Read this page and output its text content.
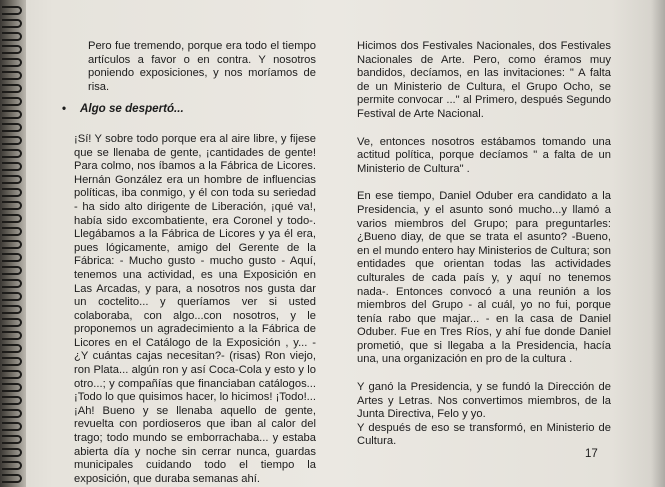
Pero fue tremendo, porque era todo el tiempo artículos a favor o en contra. Y nosotros poniendo exposiciones, y nos moríamos de risa.

• Algo se despertó...

¡Sí! Y sobre todo porque era al aire libre, y fijese que se llenaba de gente, ¡cantidades de gente! Para colmo, nos íbamos a la Fábrica de Licores. Hernán González era un hombre de influencias políticas, iba conmigo, y él con toda su seriedad - ha sido alto dirigente de Liberación, ¡qué va!, había sido excombatiente, era Coronel y todo-. Llegábamos a la Fábrica de Licores y ya él era, pues lógicamente, amigo del Gerente de la Fábrica: - Mucho gusto - mucho gusto - Aquí, tenemos una actividad, es una Exposición en Las Arcadas, y para, a nosotros nos gusta dar un coctelito... y queríamos ver si usted colaboraba, con algo...con nosotros, y le proponemos un agradecimiento a la Fábrica de Licores en el Catálogo de la Exposición , y... - ¿Y cuántas cajas necesitan?- (risas) Ron viejo, ron Plata... algún ron y así Coca-Cola y esto y lo otro...; y compañías que financiaban catálogos...¡Todo lo que quisimos hacer, lo hicimos! ¡Todo!... ¡Ah! Bueno y se llenaba aquello de gente, revuelta con pordioseros que iban al calor del trago; todo mundo se emborrachaba... y estaba abierta día y noche sin cerrar nunca, guardas municipales cuidando todo el tiempo la exposición, que duraba semanas ahí.

Hicimos dos Festivales Nacionales, dos Festivales Nacionales de Arte. Pero, como éramos muy bandidos, decíamos, en las invitaciones: " A falta de un Ministerio de Cultura, el Grupo Ocho, se permite convocar ..." al Primero, después Segundo Festival de Arte Nacional.

Ve, entonces nosotros estábamos tomando una actitud política, porque decíamos " a falta de un Ministerio de Cultura" .

En ese tiempo, Daniel Oduber era candidato a la Presidencia, y el asunto sonó mucho...y llamó a varios miembros del Grupo; para preguntarles: ¿Bueno diay, de que se trata el asunto? -Bueno, en el mundo entero hay Ministerios de Cultura; son entidades que orientan todas las actividades culturales de cada país y, y aquí no tenemos nada-. Entonces convocó a una reunión a los miembros del Grupo - al cuál, yo no fui, porque tenía rabo que majar... - en la casa de Daniel Oduber. Fue en Tres Ríos, y ahí fue donde Daniel prometió, que si llegaba a la Presidencia, hacía una, una organización en pro de la cultura .

Y ganó la Presidencia, y se fundó la Dirección de Artes y Letras. Nos convertimos miembros, de la Junta Directiva, Felo y yo.
Y después de eso se transformó, en Ministerio de Cultura.

17
